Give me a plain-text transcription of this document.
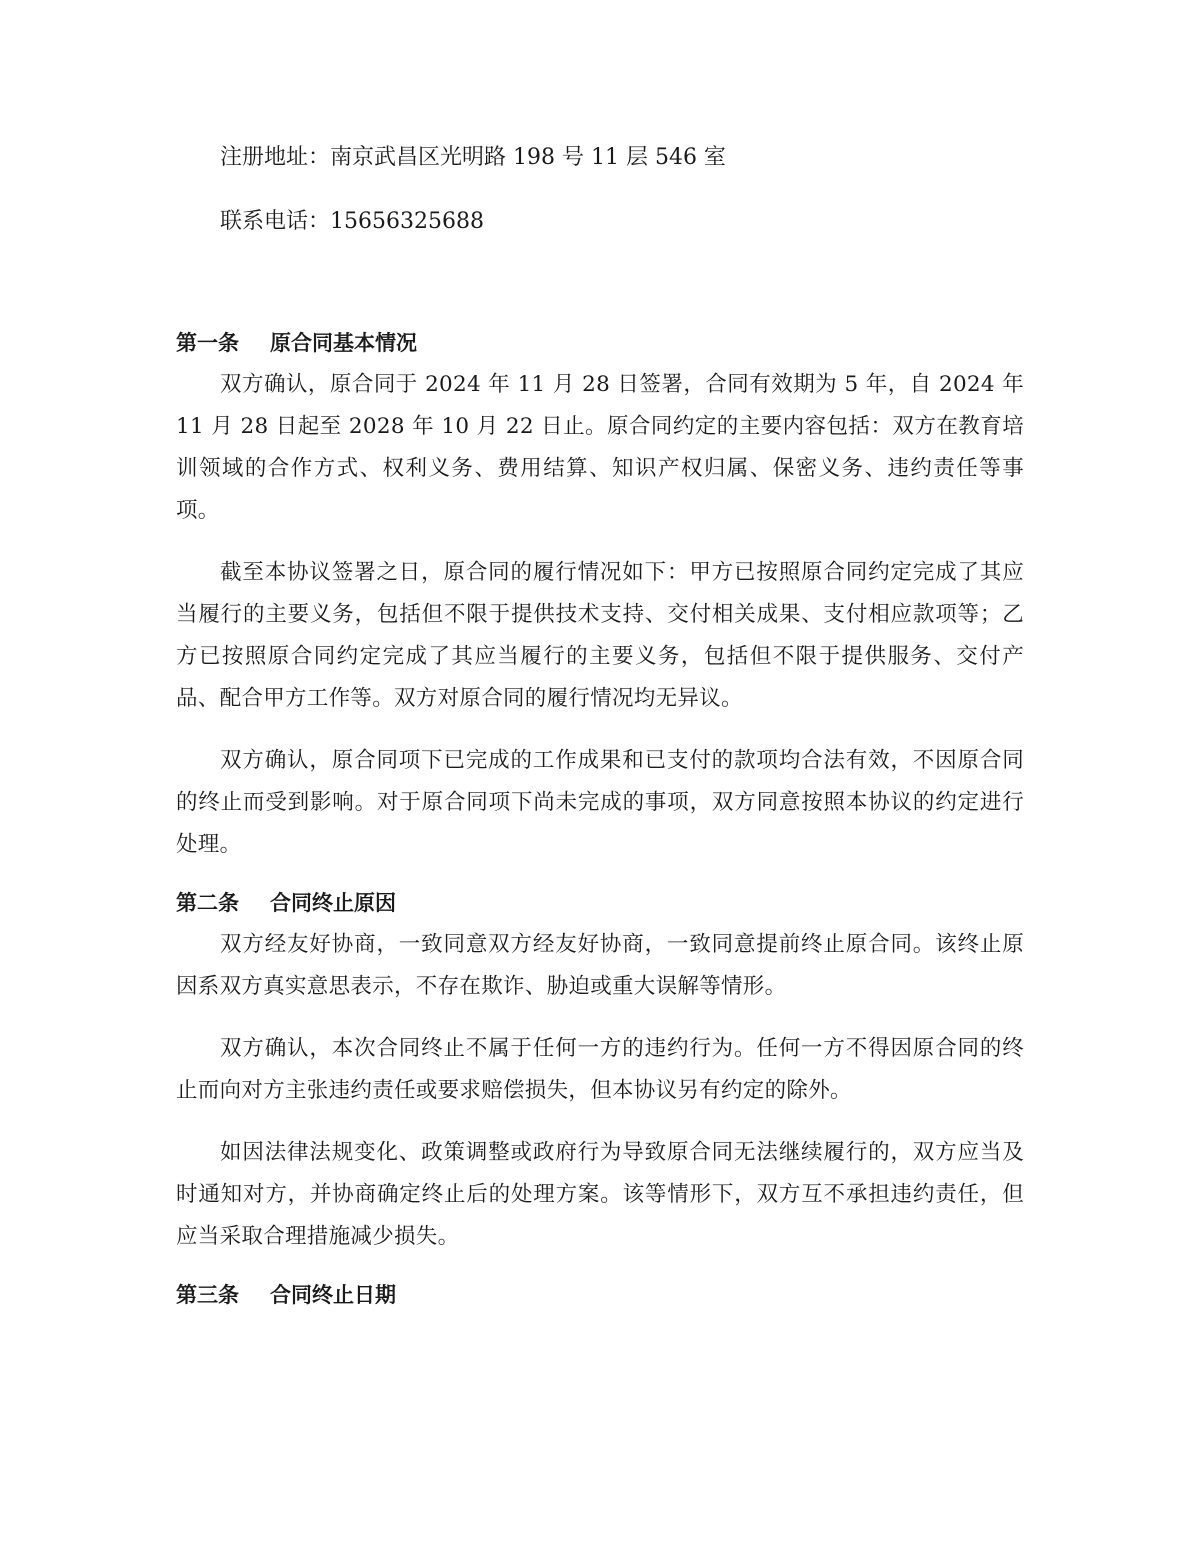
注册地址：南京武昌区光明路 198 号 11 层 546 室
联系电话：15656325688
第一条 原合同基本情况

双方确认，原合同于 2024 年 11 月 28 日签署，合同有效期为 5 年，自 2024 年 11 月 28 日起至 2028 年 10 月 22 日止。原合同约定的主要内容包括：双方在教育培训领域的合作方式、权利义务、费用结算、知识产权归属、保密义务、违约责任等事项。

截至本协议签署之日，原合同的履行情况如下：甲方已按照原合同约定完成了其应当履行的主要义务，包括但不限于提供技术支持、交付相关成果、支付相应款项等；乙方已按照原合同约定完成了其应当履行的主要义务，包括但不限于提供服务、交付产品、配合甲方工作等。双方对原合同的履行情况均无异议。

双方确认，原合同项下已完成的工作成果和已支付的款项均合法有效，不因原合同的终止而受到影响。对于原合同项下尚未完成的事项，双方同意按照本协议的约定进行处理。

第二条 合同终止原因

双方经友好协商，一致同意双方经友好协商，一致同意提前终止原合同。该终止原因系双方真实意思表示，不存在欺诈、胁迫或重大误解等情形。

双方确认，本次合同终止不属于任何一方的违约行为。任何一方不得因原合同的终止而向对方主张违约责任或要求赔偿损失，但本协议另有约定的除外。

如因法律法规变化、政策调整或政府行为导致原合同无法继续履行的，双方应当及时通知对方，并协商确定终止后的处理方案。该等情形下，双方互不承担违约责任，但应当采取合理措施减少损失。

第三条 合同终止日期
